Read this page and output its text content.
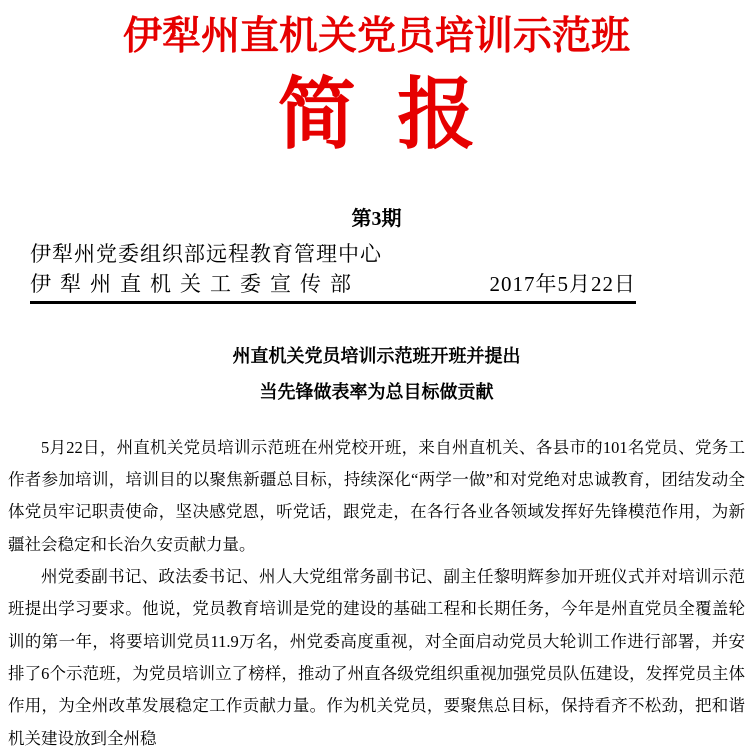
伊犁州直机关党员培训示范班
简 报
第3期
伊犁州党委组织部远程教育管理中心
伊犁州直机关工委宣传部	2017年5月22日
州直机关党员培训示范班开班并提出
当先锋做表率为总目标做贡献

5月22日，州直机关党员培训示范班在州党校开班，来自州直机关、各县市的101名党员、党务工作者参加培训，培训目的以聚焦新疆总目标，持续深化“两学一做”和对党绝对忠诚教育，团结发动全体党员牢记职责使命，坚决感党恩，听党话，跟党走，在各行各业各领域发挥好先锋模范作用，为新疆社会稳定和长治久安贡献力量。

州党委副书记、政法委书记、州人大党组常务副书记、副主任黎明辉参加开班仪式并对培训示范班提出学习要求。他说，党员教育培训是党的建设的基础工程和长期任务，今年是州直党员全覆盖轮训的第一年，将要培训党员11.9万名，州党委高度重视，对全面启动党员大轮训工作进行部署，并安排了6个示范班，为党员培训立了榜样，推动了州直各级党组织重视加强党员队伍建设，发挥党员主体作用，为全州改革发展稳定工作贡献力量。作为机关党员，要聚焦总目标，保持看齐不松劲，把和谐机关建设放到全州稳
